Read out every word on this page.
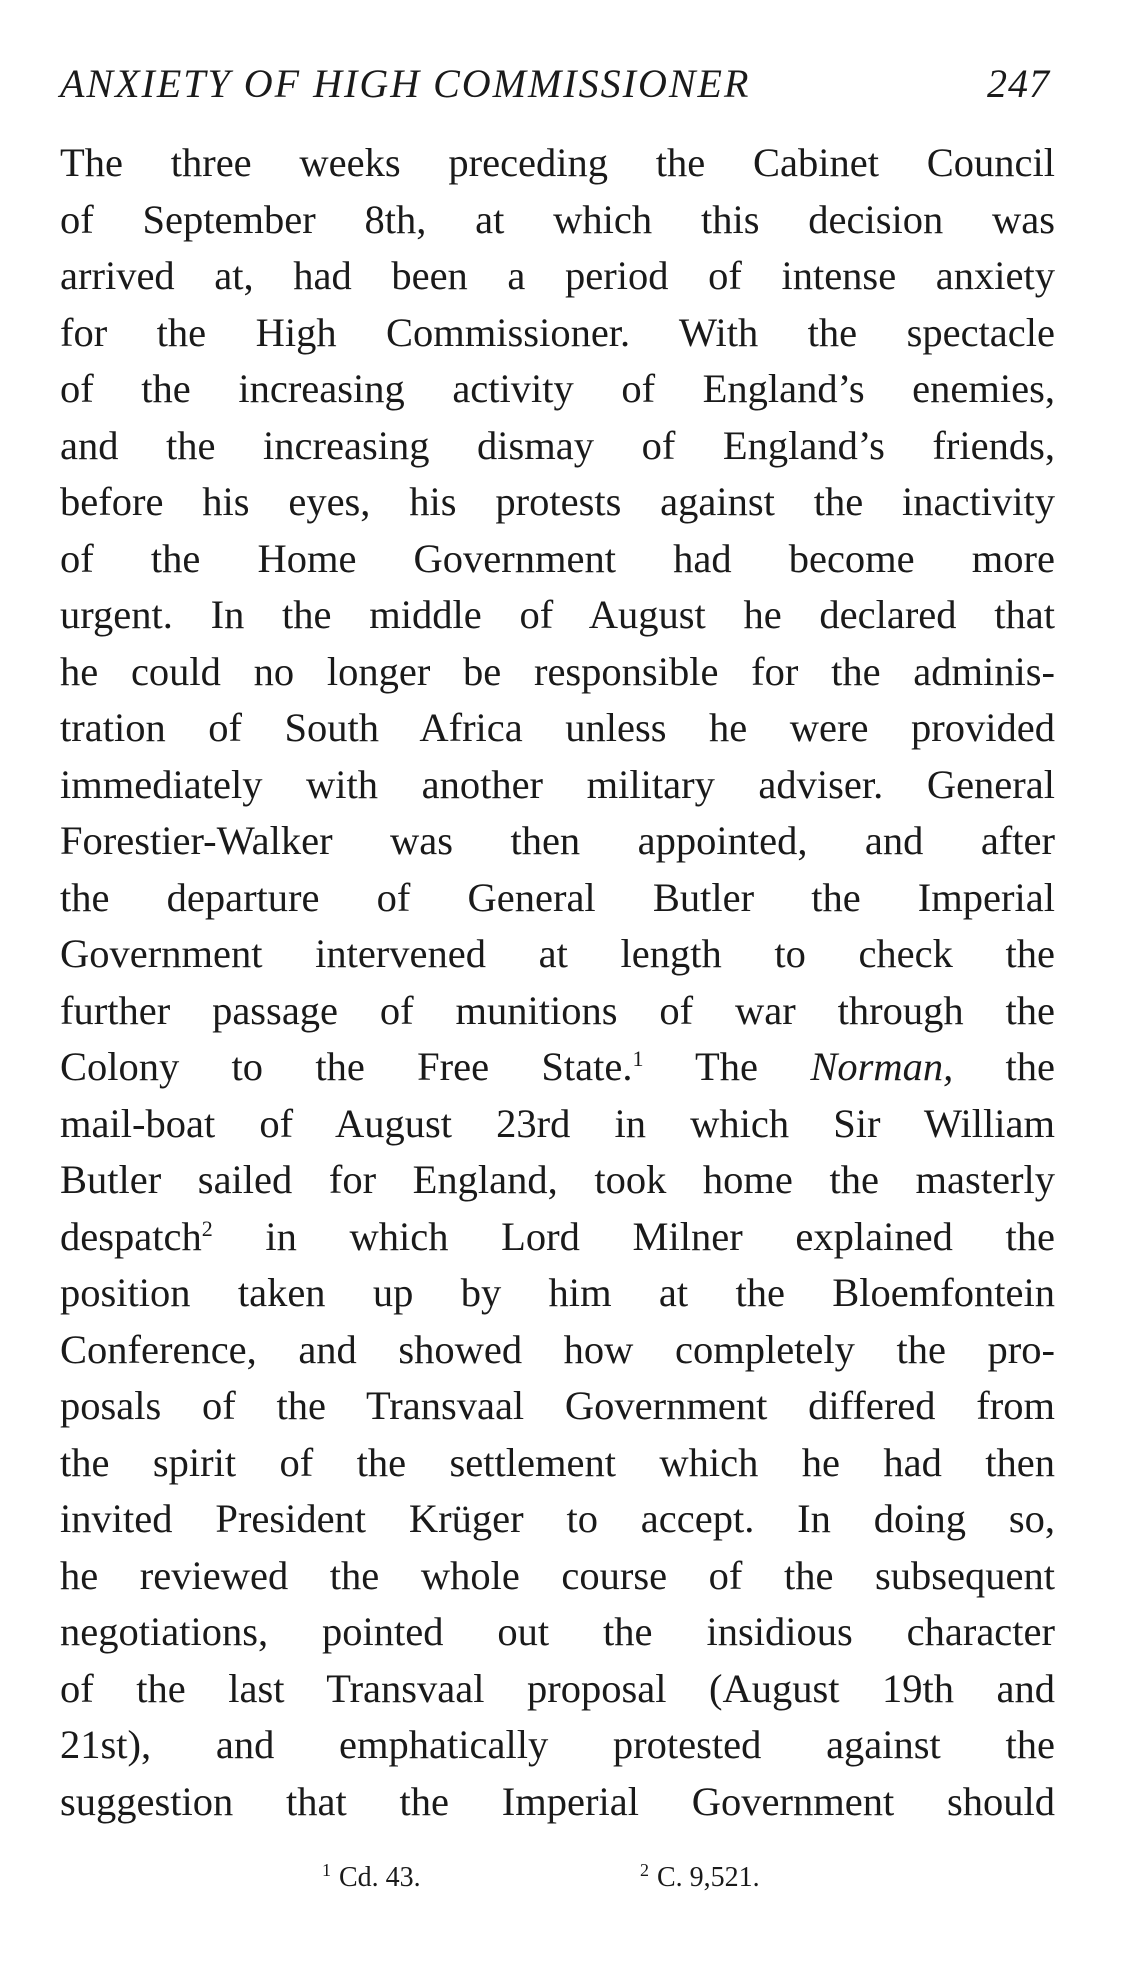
ANXIETY OF HIGH COMMISSIONER	247
The three weeks preceding the Cabinet Council
of September 8th, at which this decision was
arrived at, had been a period of intense anxiety
for the High Commissioner. With the spectacle
of the increasing activity of England’s enemies,
and the increasing dismay of England’s friends,
before his eyes, his protests against the inactivity
of the Home Government had become more
urgent. In the middle of August he declared that
he could no longer be responsible for the adminis-
tration of South Africa unless he were provided
immediately with another military adviser. General
Forestier-Walker was then appointed, and after
the departure of General Butler the Imperial
Government intervened at length to check the
further passage of munitions of war through the
Colony to the Free State.$^1$ The Norman, the
mail-boat of August 23rd in which Sir William
Butler sailed for England, took home the masterly
despatch$^2$ in which Lord Milner explained the
position taken up by him at the Bloemfontein
Conference, and showed how completely the pro-
posals of the Transvaal Government differed from
the spirit of the settlement which he had then
invited President Krüger to accept. In doing so,
he reviewed the whole course of the subsequent
negotiations, pointed out the insidious character
of the last Transvaal proposal (August 19th and
21st), and emphatically protested against the
suggestion that the Imperial Government should
$^1$ Cd. 43.	$^2$ C. 9,521.
